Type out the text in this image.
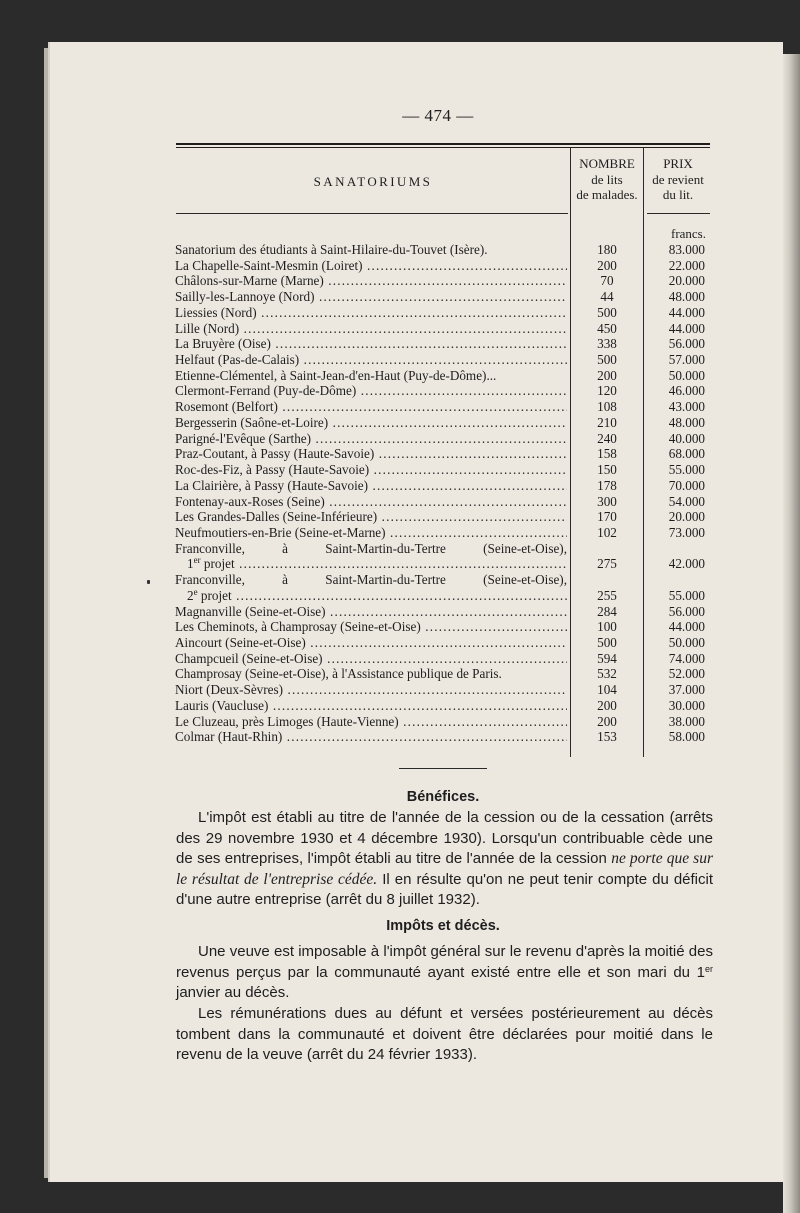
— 474 —
SANATORIUMS
NOMBRE
de lits
de malades.
PRIX
de revient
du lit.
francs.
Sanatorium des étudiants à Saint-Hilaire-du-Touvet (Isère).	180	83.000
La Chapelle-Saint-Mesmin (Loiret) .....	200	22.000
Châlons-sur-Marne (Marne) .....	70	20.000
Sailly-les-Lannoye (Nord) .....	44	48.000
Liessies (Nord) .....	500	44.000
Lille (Nord) .....	450	44.000
La Bruyère (Oise) .....	338	56.000
Helfaut (Pas-de-Calais) .....	500	57.000
Etienne-Clémentel, à Saint-Jean-d'en-Haut (Puy-de-Dôme)...	200	50.000
Clermont-Ferrand (Puy-de-Dôme) .....	120	46.000
Rosemont (Belfort) .....	108	43.000
Bergesserin (Saône-et-Loire) .....	210	48.000
Parigné-l'Evêque (Sarthe) .....	240	40.000
Praz-Coutant, à Passy (Haute-Savoie) .....	158	68.000
Roc-des-Fiz, à Passy (Haute-Savoie) .....	150	55.000
La Clairière, à Passy (Haute-Savoie) .....	178	70.000
Fontenay-aux-Roses (Seine) .....	300	54.000
Les Grandes-Dalles (Seine-Inférieure) .....	170	20.000
Neufmoutiers-en-Brie (Seine-et-Marne) .....	102	73.000
Franconville, à Saint-Martin-du-Tertre (Seine-et-Oise),
1er projet .....	275	42.000
Franconville, à Saint-Martin-du-Tertre (Seine-et-Oise),
2e projet .....	255	55.000
Magnanville (Seine-et-Oise) .....	284	56.000
Les Cheminots, à Champrosay (Seine-et-Oise) .....	100	44.000
Aincourt (Seine-et-Oise) .....	500	50.000
Champcueil (Seine-et-Oise) .....	594	74.000
Champrosay (Seine-et-Oise), à l'Assistance publique de Paris.	532	52.000
Niort (Deux-Sèvres) .....	104	37.000
Lauris (Vaucluse) .....	200	30.000
Le Cluzeau, près Limoges (Haute-Vienne) .....	200	38.000
Colmar (Haut-Rhin) .....	153	58.000
Bénéfices.
L'impôt est établi au titre de l'année de la cession ou de la cessation (arrêts des 29 novembre 1930 et 4 décembre 1930). Lorsqu'un contribuable cède une de ses entreprises, l'impôt établi au titre de l'année de la cession ne porte que sur le résultat de l'entreprise cédée. Il en résulte qu'on ne peut tenir compte du déficit d'une autre entreprise (arrêt du 8 juillet 1932).
Impôts et décès.
Une veuve est imposable à l'impôt général sur le revenu d'après la moitié des revenus perçus par la communauté ayant existé entre elle et son mari du 1er janvier au décès.
Les rémunérations dues au défunt et versées postérieurement au décès tombent dans la communauté et doivent être déclarées pour moitié dans le revenu de la veuve (arrêt du 24 février 1933).
